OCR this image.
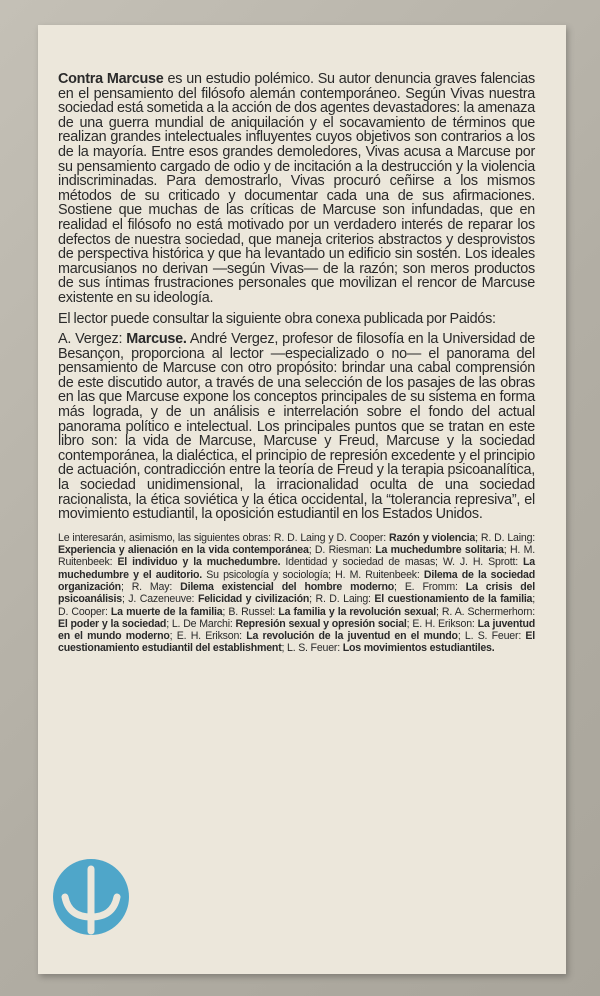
Contra Marcuse es un estudio polémico. Su autor denuncia graves falencias en el pensamiento del filósofo alemán contemporáneo. Según Vivas nuestra sociedad está sometida a la acción de dos agentes devastadores: la amenaza de una guerra mundial de aniquilación y el socavamiento de términos que realizan grandes intelectuales influyentes cuyos objetivos son contrarios a los de la mayoría. Entre esos grandes demoledores, Vivas acusa a Marcuse por su pensamiento cargado de odio y de incitación a la destrucción y la violencia indiscriminadas. Para demostrarlo, Vivas procuró ceñirse a los mismos métodos de su criticado y documentar cada una de sus afirmaciones. Sostiene que muchas de las críticas de Marcuse son infundadas, que en realidad el filósofo no está motivado por un verdadero interés de reparar los defectos de nuestra sociedad, que maneja criterios abstractos y desprovistos de perspectiva histórica y que ha levantado un edificio sin sostén. Los ideales marcusianos no derivan —según Vivas— de la razón; son meros productos de sus íntimas frustraciones personales que movilizan el rencor de Marcuse existente en su ideología.

El lector puede consultar la siguiente obra conexa publicada por Paidós:

A. Vergez: Marcuse. André Vergez, profesor de filosofía en la Universidad de Besançon, proporciona al lector —especializado o no— el panorama del pensamiento de Marcuse con otro propósito: brindar una cabal comprensión de este discutido autor, a través de una selección de los pasajes de las obras en las que Marcuse expone los conceptos principales de su sistema en forma más lograda, y de un análisis e interrelación sobre el fondo del actual panorama político e intelectual. Los principales puntos que se tratan en este libro son: la vida de Marcuse, Marcuse y Freud, Marcuse y la sociedad contemporánea, la dialéctica, el principio de represión excedente y el principio de actuación, contradicción entre la teoría de Freud y la terapia psicoanalítica, la sociedad unidimensional, la irracionalidad oculta de una sociedad racionalista, la ética soviética y la ética occidental, la “tolerancia represiva”, el movimiento estudiantil, la oposición estudiantil en los Estados Unidos.

Le interesarán, asimismo, las siguientes obras: R. D. Laing y D. Cooper: Razón y violencia; R. D. Laing: Experiencia y alienación en la vida contemporánea; D. Riesman: La muchedumbre solitaria; H. M. Ruitenbeek: El individuo y la muchedumbre. Identidad y sociedad de masas; W. J. H. Sprott: La muchedumbre y el auditorio. Su psicología y sociología; H. M. Ruitenbeek: Dilema de la sociedad organización; R. May: Dilema existencial del hombre moderno; E. Fromm: La crisis del psicoanálisis; J. Cazeneuve: Felicidad y civilización; R. D. Laing: El cuestionamiento de la familia; D. Cooper: La muerte de la familia; B. Russel: La familia y la revolución sexual; R. A. Schermerhorn: El poder y la sociedad; L. De Marchi: Represión sexual y opresión social; E. H. Erikson: La juventud en el mundo moderno; E. H. Erikson: La revolución de la juventud en el mundo; L. S. Feuer: El cuestionamiento estudiantil del establishment; L. S. Feuer: Los movimientos estudiantiles.
